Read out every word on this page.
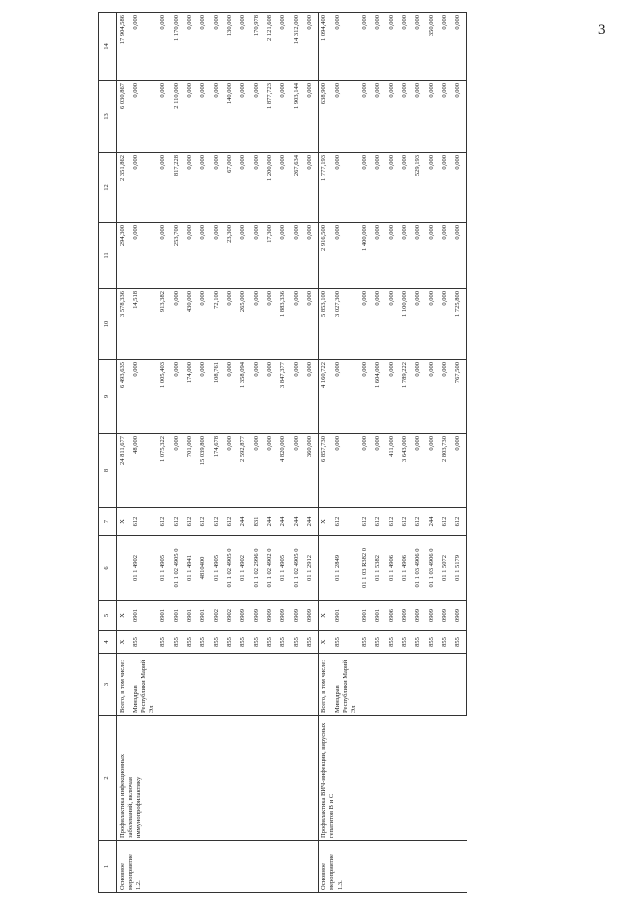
3
1	2	3	4	5	6	7	8	9	10	11	12	13	14
Основное мероприятие 1.2.	Профилактика инфекционных заболеваний, включая иммунопрофилактику	Всего, в том числе:	X	X		X	24 811,677	6 493,635	3 578,336	294,300	2 351,862	6 030,867	17 904,586
		Минздрав Республики Марий Эл	855	0901	01 1 4902	612	48,000	0,000	14,518	0,000	0,000	0,000	0,000
			855	0901	01 1 4905	612	1 075,322	1 005,403	913,382	0,000	0,000	0,000	0,000
			855	0901	01 1 02 4905 0	612	0,000	0,000	0,000	253,700	817,228	2 110,000	1 170,000
			855	0901	01 1 4941	612	701,000	174,000	430,000	0,000	0,000	0,000	0,000
			855	0901	4810400	612	15 039,800	0,000	0,000	0,000	0,000	0,000	0,000
			855	0902	01 1 4905	612	174,678	108,761	72,100	0,000	0,000	0,000	0,000
			855	0902	01 1 02 4905 0	612	0,000	0,000	0,000	23,300	67,000	140,000	130,000
			855	0909	01 1 4902	244	2 592,877	1 358,094	265,000	0,000	0,000	0,000	0,000
			855	0909	01 1 02 2996 0	831	0,000	0,000	0,000	0,000	0,000	0,000	170,978
			855	0909	01 1 02 4902 0	244	0,000	0,000	0,000	17,300	1 200,000	1 877,723	2 121,608
			855	0909	01 1 4905	244	4 820,000	3 847,377	1 883,336	0,000	0,000	0,000	0,000
			855	0909	01 1 02 4905 0	244	0,000	0,000	0,000	0,000	267,634	1 903,144	14 312,000
			855	0909	01 1 2912	244	360,000	0,000	0,000	0,000	0,000	0,000	0,000
Основное мероприятие 1.3.	Профилактика ВИЧ-инфекции, вирусных гепатитов В и С	Всего, в том числе:	X	X		X	6 857,730	4 160,722	5 853,100	2 916,500	1 777,193	638,900	1 094,400
		Минздрав Республики Марий Эл	855	0901	01 1 2849	612	0,000	0,000	3 027,300	0,000	0,000	0,000	0,000
			855	0901	01 1 03 R382 0	612	0,000	0,000	0,000	1 400,000	0,000	0,000	0,000
			855	0901	01 1 5382	612	0,000	1 604,000	0,000	0,000	0,000	0,000	0,000
			855	0906	01 1 4906	612	411,000	0,000	0,000	0,000	0,000	0,000	0,000
			855	0909	01 1 4906	612	3 643,000	1 789,222	1 100,000	0,000	0,000	0,000	0,000
			855	0909	01 1 03 4906 0	612	0,000	0,000	0,000	0,000	529,193	0,000	0,000
			855	0909	01 1 03 4906 0	244	0,000	0,000	0,000	0,000	0,000	0,000	350,000
			855	0909	01 1 5072	612	2 803,730	0,000	0,000	0,000	0,000	0,000	0,000
			855	0909	01 1 5179	612	0,000	767,500	1 725,800	0,000	0,000	0,000	0,000
